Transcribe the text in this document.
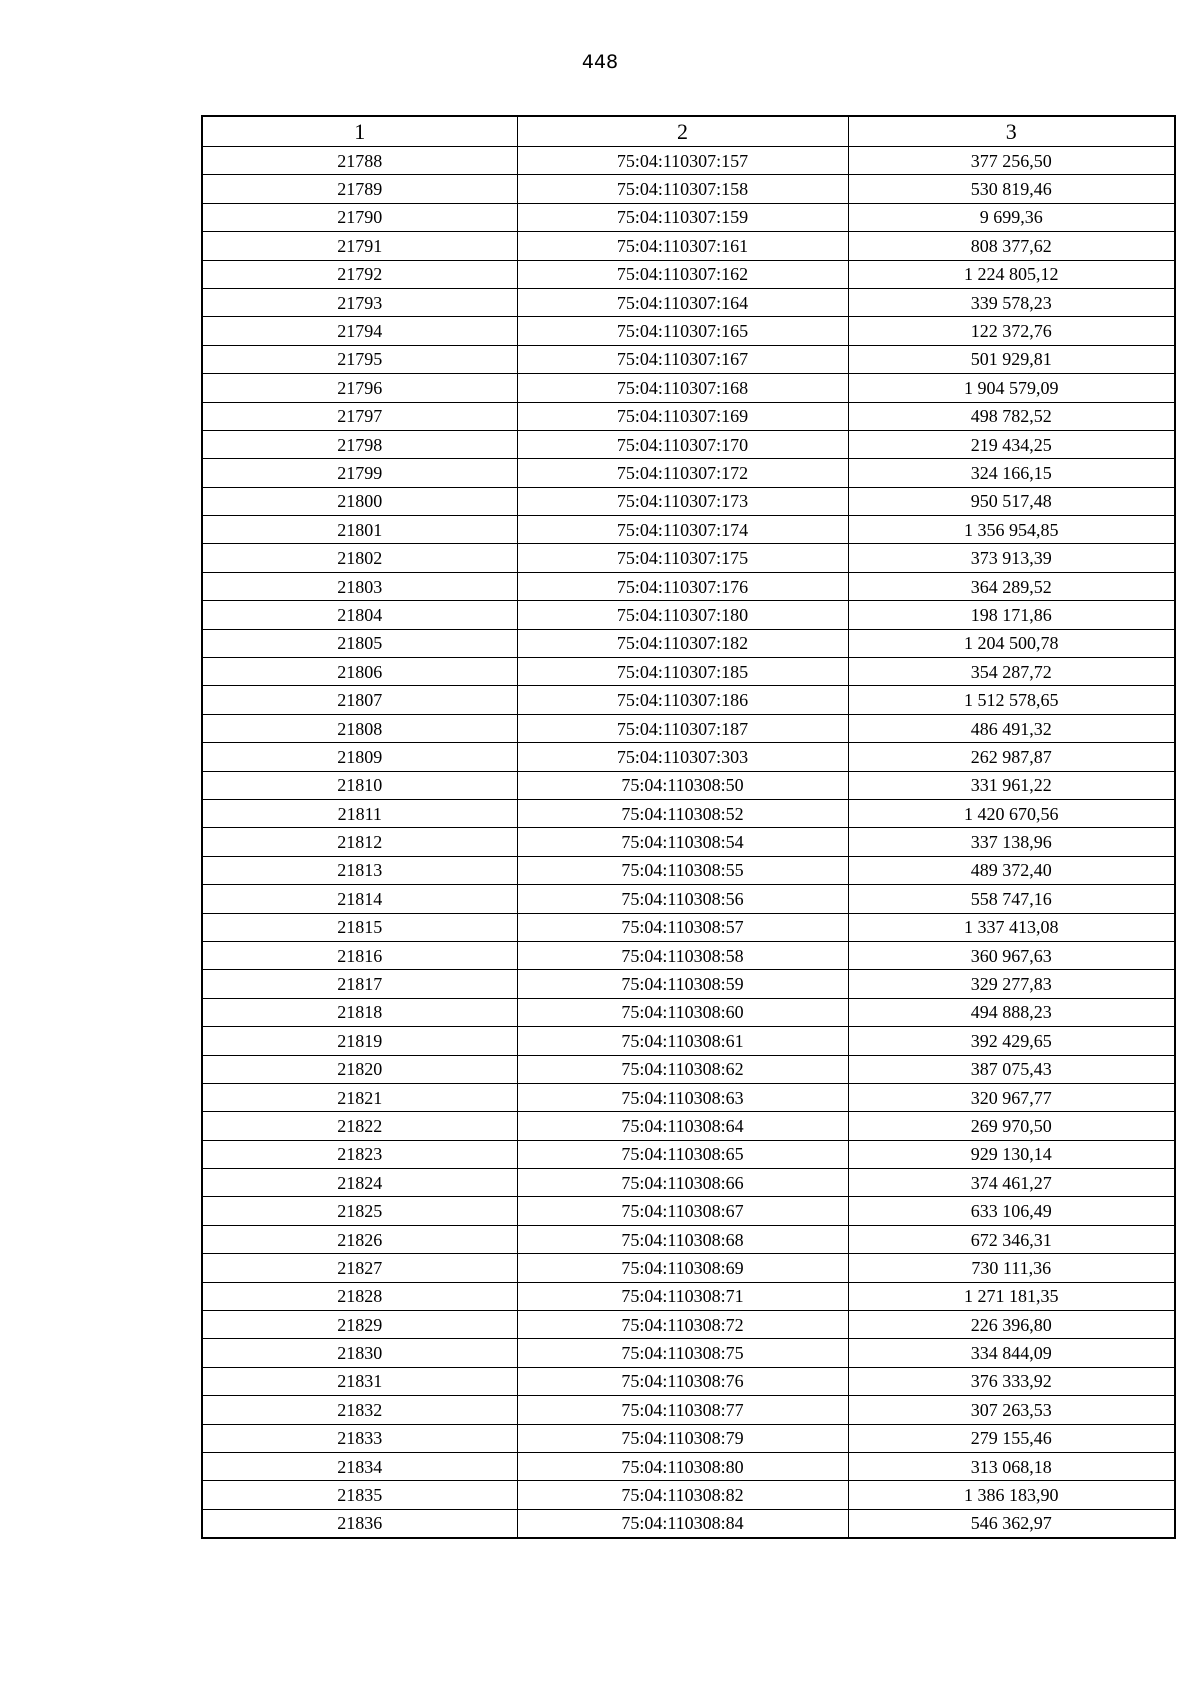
448
1	2	3
21788	75:04:110307:157	377 256,50
21789	75:04:110307:158	530 819,46
21790	75:04:110307:159	9 699,36
21791	75:04:110307:161	808 377,62
21792	75:04:110307:162	1 224 805,12
21793	75:04:110307:164	339 578,23
21794	75:04:110307:165	122 372,76
21795	75:04:110307:167	501 929,81
21796	75:04:110307:168	1 904 579,09
21797	75:04:110307:169	498 782,52
21798	75:04:110307:170	219 434,25
21799	75:04:110307:172	324 166,15
21800	75:04:110307:173	950 517,48
21801	75:04:110307:174	1 356 954,85
21802	75:04:110307:175	373 913,39
21803	75:04:110307:176	364 289,52
21804	75:04:110307:180	198 171,86
21805	75:04:110307:182	1 204 500,78
21806	75:04:110307:185	354 287,72
21807	75:04:110307:186	1 512 578,65
21808	75:04:110307:187	486 491,32
21809	75:04:110307:303	262 987,87
21810	75:04:110308:50	331 961,22
21811	75:04:110308:52	1 420 670,56
21812	75:04:110308:54	337 138,96
21813	75:04:110308:55	489 372,40
21814	75:04:110308:56	558 747,16
21815	75:04:110308:57	1 337 413,08
21816	75:04:110308:58	360 967,63
21817	75:04:110308:59	329 277,83
21818	75:04:110308:60	494 888,23
21819	75:04:110308:61	392 429,65
21820	75:04:110308:62	387 075,43
21821	75:04:110308:63	320 967,77
21822	75:04:110308:64	269 970,50
21823	75:04:110308:65	929 130,14
21824	75:04:110308:66	374 461,27
21825	75:04:110308:67	633 106,49
21826	75:04:110308:68	672 346,31
21827	75:04:110308:69	730 111,36
21828	75:04:110308:71	1 271 181,35
21829	75:04:110308:72	226 396,80
21830	75:04:110308:75	334 844,09
21831	75:04:110308:76	376 333,92
21832	75:04:110308:77	307 263,53
21833	75:04:110308:79	279 155,46
21834	75:04:110308:80	313 068,18
21835	75:04:110308:82	1 386 183,90
21836	75:04:110308:84	546 362,97
